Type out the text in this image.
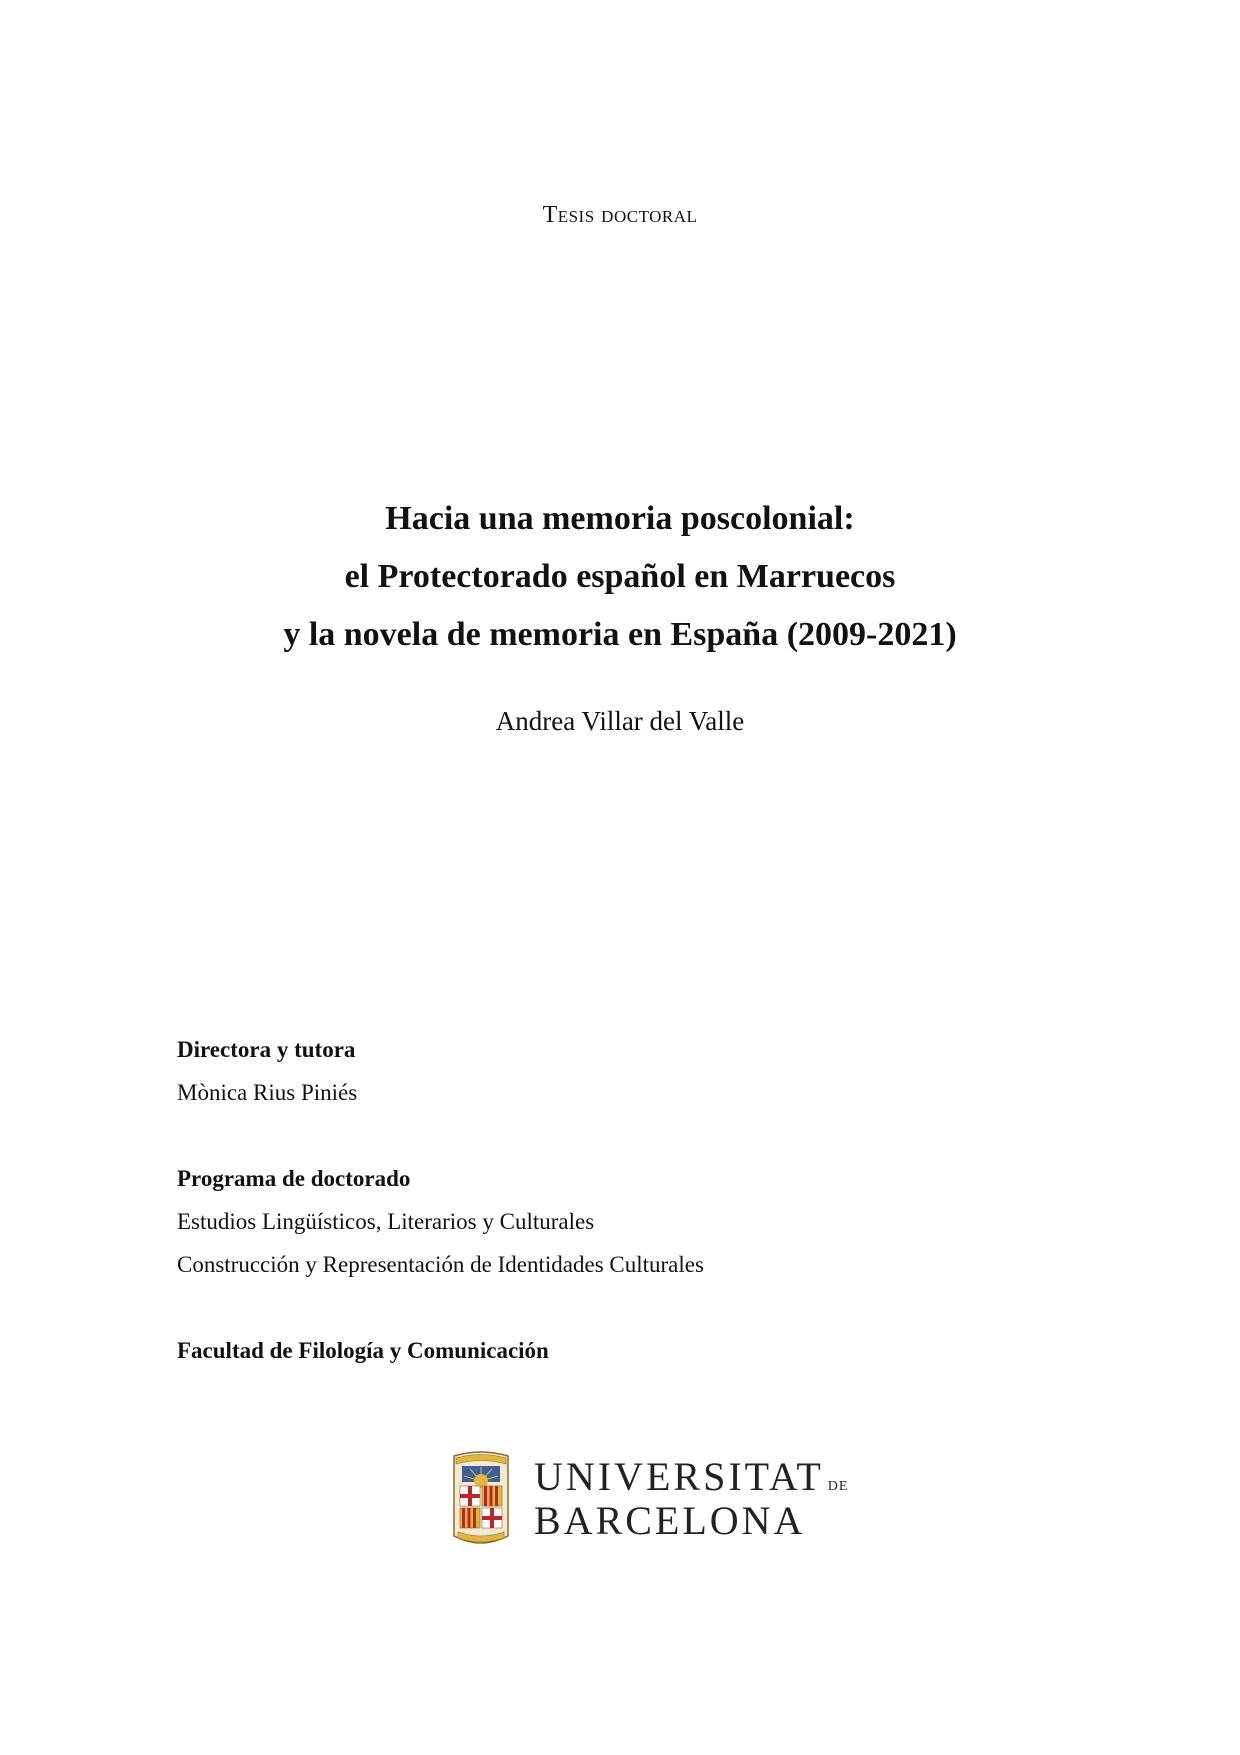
Tesis doctoral
Hacia una memoria poscolonial:
el Protectorado español en Marruecos
y la novela de memoria en España (2009-2021)
Andrea Villar del Valle
Directora y tutora
Mònica Rius Piniés
Programa de doctorado
Estudios Lingüísticos, Literarios y Culturales
Construcción y Representación de Identidades Culturales
Facultad de Filología y Comunicación
UNIVERSITAT DE
BARCELONA
